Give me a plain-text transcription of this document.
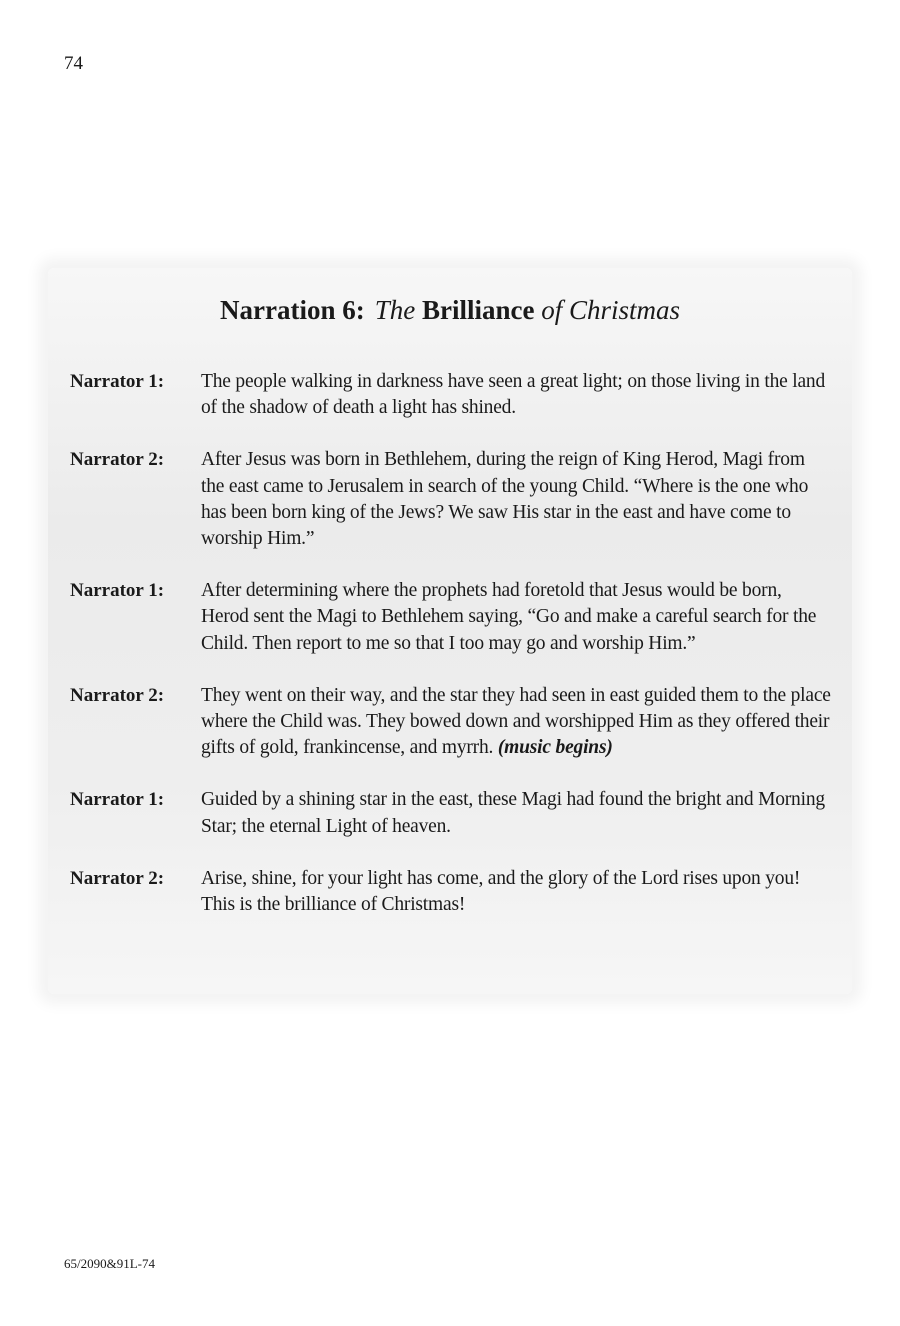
74
Narration 6: The Brilliance of Christmas
Narrator 1:	The people walking in darkness have seen a great light; on those living in the land of the shadow of death a light has shined.
Narrator 2:	After Jesus was born in Bethlehem, during the reign of King Herod, Magi from the east came to Jerusalem in search of the young Child. “Where is the one who has been born king of the Jews? We saw His star in the east and have come to worship Him.”
Narrator 1:	After determining where the prophets had foretold that Jesus would be born, Herod sent the Magi to Bethlehem saying, “Go and make a careful search for the Child. Then report to me so that I too may go and worship Him.”
Narrator 2:	They went on their way, and the star they had seen in east guided them to the place where the Child was. They bowed down and worshipped Him as they offered their gifts of gold, frankincense, and myrrh. (music begins)
Narrator 1:	Guided by a shining star in the east, these Magi had found the bright and Morning Star; the eternal Light of heaven.
Narrator 2:	Arise, shine, for your light has come, and the glory of the Lord rises upon you! This is the brilliance of Christmas!
65/2090&91L-74
